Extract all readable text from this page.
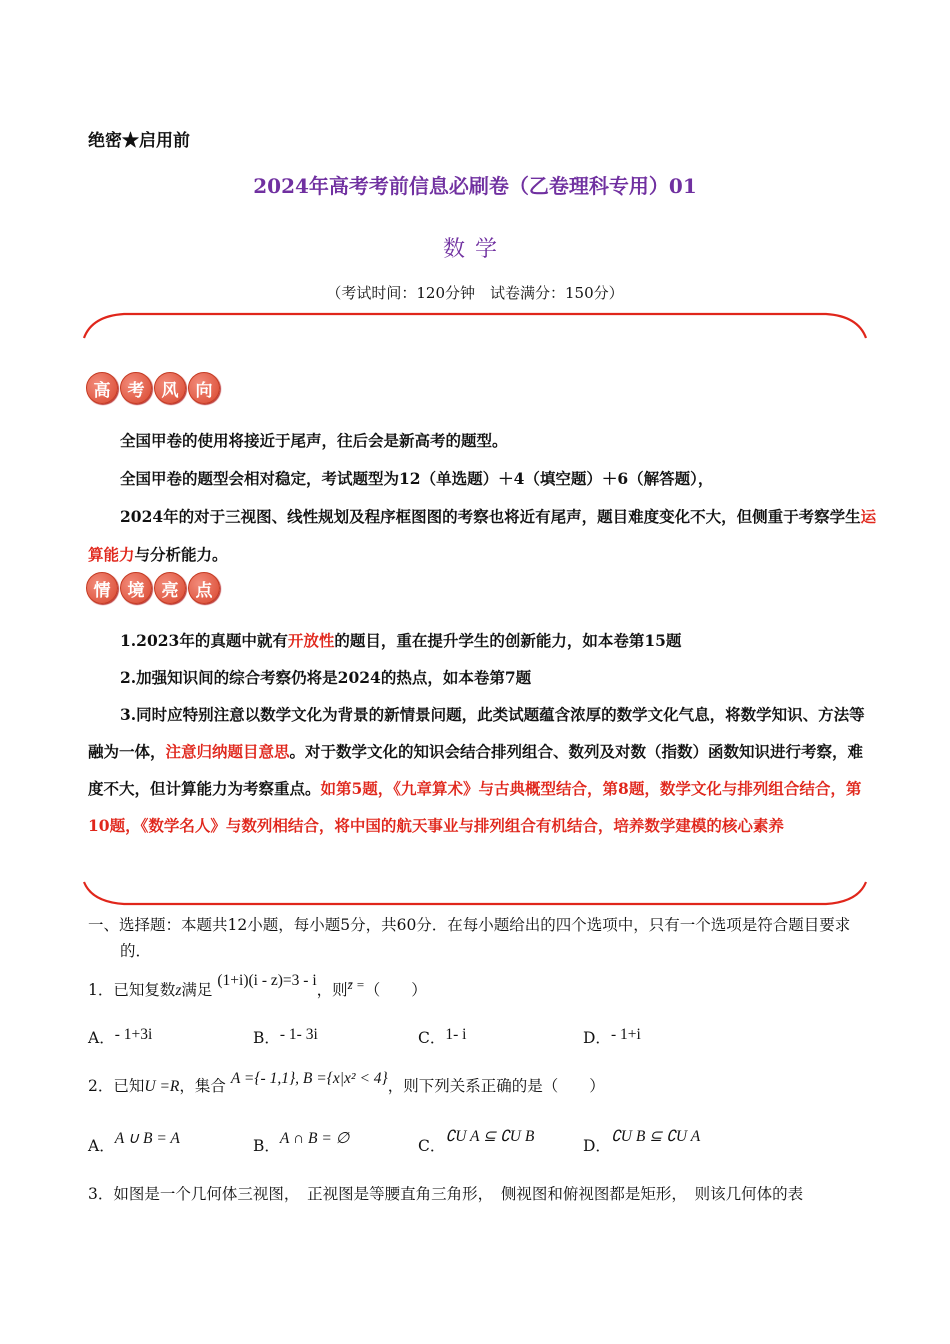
绝密★启用前
2024年高考考前信息必刷卷（乙卷理科专用）01
数学
（考试时间：120分钟　试卷满分：150分）
高	考	风	向

全国甲卷的使用将接近于尾声，往后会是新高考的题型。

全国甲卷的题型会相对稳定，考试题型为12（单选题）＋4（填空题）＋6（解答题），

2024年的对于三视图、线性规划及程序框图图的考察也将近有尾声，题目难度变化不大，但侧重于考察学生运算能力与分析能力。

情	境	亮	点

1.2023年的真题中就有开放性的题目，重在提升学生的创新能力，如本卷第15题

2.加强知识间的综合考察仍将是2024的热点，如本卷第7题

3.同时应特别注意以数学文化为背景的新情景问题，此类试题蕴含浓厚的数学文化气息，将数学知识、方法等融为一体，注意归纳题目意思。对于数学文化的知识会结合排列组合、数列及对数（指数）函数知识进行考察，难度不大，但计算能力为考察重点。如第5题，《九章算术》与古典概型结合，第8题，数学文化与排列组合结合，第10题，《数学名人》与数列相结合，将中国的航天事业与排列组合有机结合，培养数学建模的核心素养

一、选择题：本题共12小题，每小题5分，共60分．在每小题给出的四个选项中，只有一个选项是符合题目要求的．
1．已知复数z满足 (1+i)(i - z)=3 - i，则$^{z̄ =}$（　　）
A．- 1+3i	B．- 1- 3i	C．1- i	D．- 1+i
2．已知U =R，集合 A ={- 1,1}, B ={x|x² < 4}，则下列关系正确的是（　　）
A．A ∪ B = A	B．A ∩ B = ∅	C．∁U A ⊆ ∁U B
D．∁U B ⊆ ∁U A
3．如图是一个几何体三视图，　正视图是等腰直角三角形，　侧视图和俯视图都是矩形，　则该几何体的表
